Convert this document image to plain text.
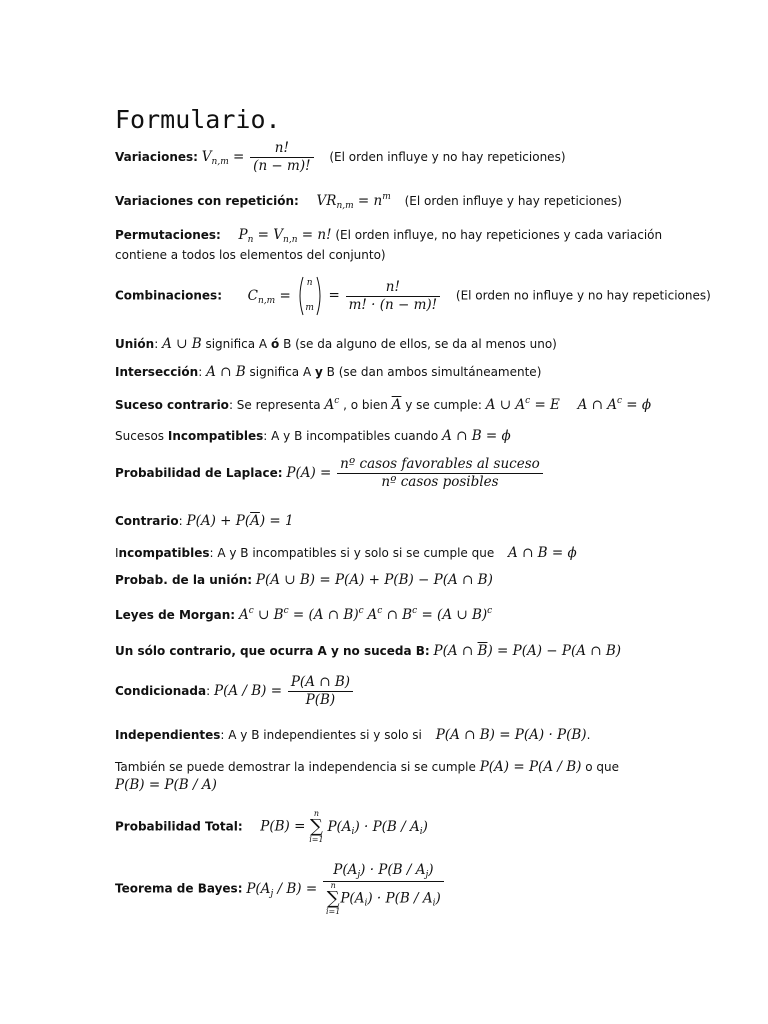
Formulario.
Variaciones: $V_{n,m} = \frac{n!}{(n - m)!} (El$ orden influye y no hay repeticiones)
Variaciones con repetición: $VR_{n,m} = n^m$ (El orden influye y hay repeticiones)
Permutaciones: $P_n = V_{n,n} = n$! (El orden influye, no hay repeticiones y cada variación
contiene a todos los elementos del conjunto)
Combinaciones: $C_{n,m}$ =
n
m
= $\frac{n!}{m! \cdot (n - m)!} (El$ orden no influye y no hay repeticiones)
Unión: A ∪ B significa A ó B (se da alguno de ellos, se da al menos uno)
Intersección: A ∩ B significa A y B (se dan ambos simultáneamente)
Suceso contrario: Se representa $A^c$ , o bien $\overline{A}$ y se cumple: A ∪ $A^c = E$ A ∩ $A^c = \phi$
Sucesos Incompatibles: A y B incompatibles cuando A ∩ B = ϕ
Probabilidad de Laplace: $P(A) = \frac{\text{nº casos favorables al suceso}}{\text{nº casos posibles}}$
Contrario: $P(A) + P(\overline{A}) = 1$
Incompatibles: A y B incompatibles si y solo si se cumple que A ∩ B = ϕ
Probab. de la unión: P(A ∪ B) = P(A) + P(B) − P(A ∩ B)
Leyes de Morgan: $A^c$ ∪ $B^c = (A$ ∩ B)$^c$ $A^c$ ∩ $B^c = (A$ ∪ B)$^c$
Un sólo contrario, que ocurra A y no suceda B: P(A ∩ $\overline{B}) = P(A) - P(A$ ∩ B)
Condicionada: $P(A / B) = \frac{P(A \cap B)}{P(B)}$
Independientes: A y B independientes si y solo si P(A ∩ B) = P(A) · P(B).
También se puede demostrar la independencia si se cumple P(A) = P(A / B) o que
P(B) = P(B / A)
Probabilidad Total: P(B) =
n
∑
i=1
$P(A_i) \cdot P(B / A_i)$
Teorema de Bayes: $P(A_j / B) = P(A_j) \cdot P(B / A_j)$
n
∑
i=1
$P(A_i) \cdot P(B / A_i)$
